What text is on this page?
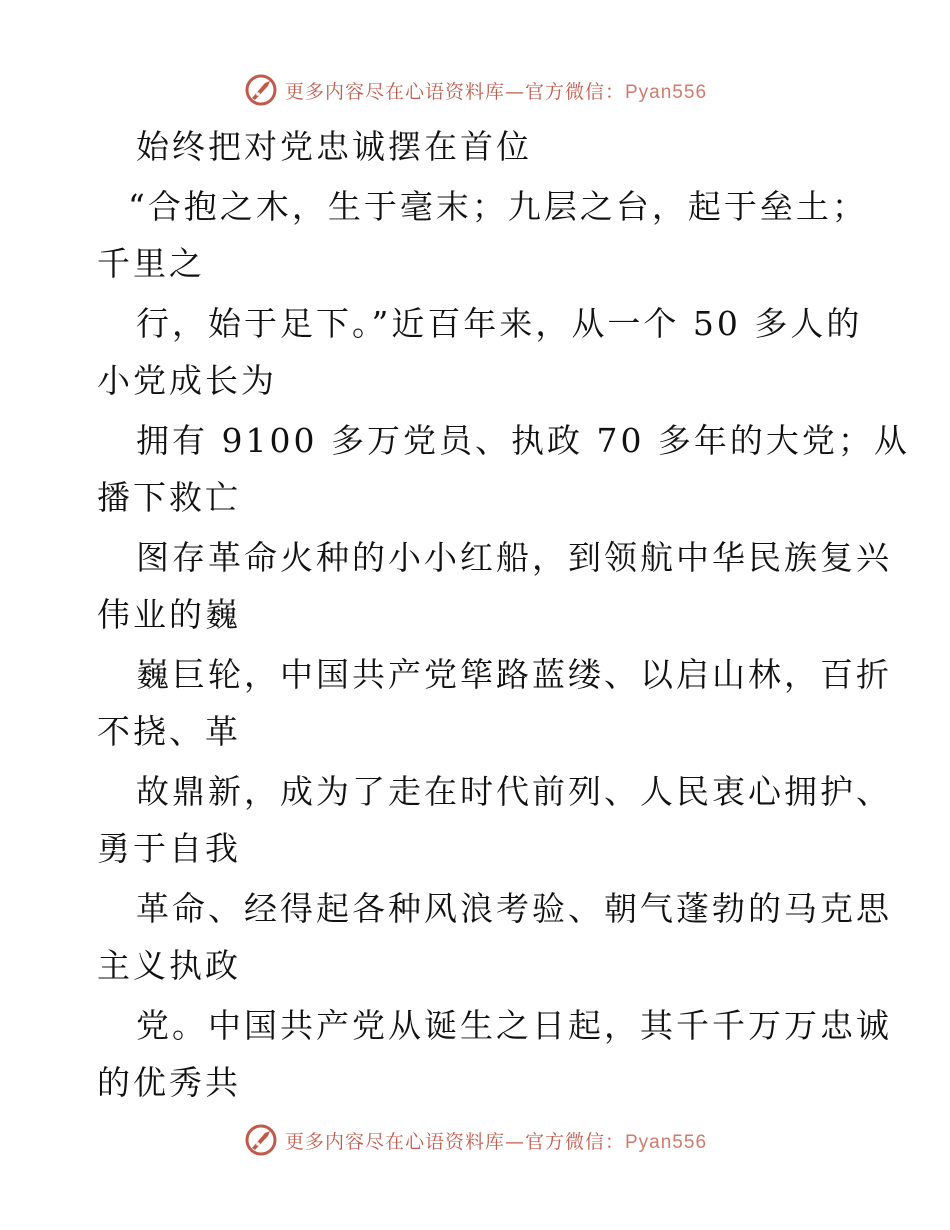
更多内容尽在心语资料库—官方微信：Pyan556
始终把对党忠诚摆在首位
“合抱之木，生于毫末；九层之台，起于垒土；
千里之
行，始于足下。”近百年来，从一个 50 多人的
小党成长为
拥有 9100 多万党员、执政 70 多年的大党；从
播下救亡
图存革命火种的小小红船，到领航中华民族复兴
伟业的巍
巍巨轮，中国共产党筚路蓝缕、以启山林，百折
不挠、革
故鼎新，成为了走在时代前列、人民衷心拥护、
勇于自我
革命、经得起各种风浪考验、朝气蓬勃的马克思
主义执政
党。中国共产党从诞生之日起，其千千万万忠诚
的优秀共
更多内容尽在心语资料库—官方微信：Pyan556
